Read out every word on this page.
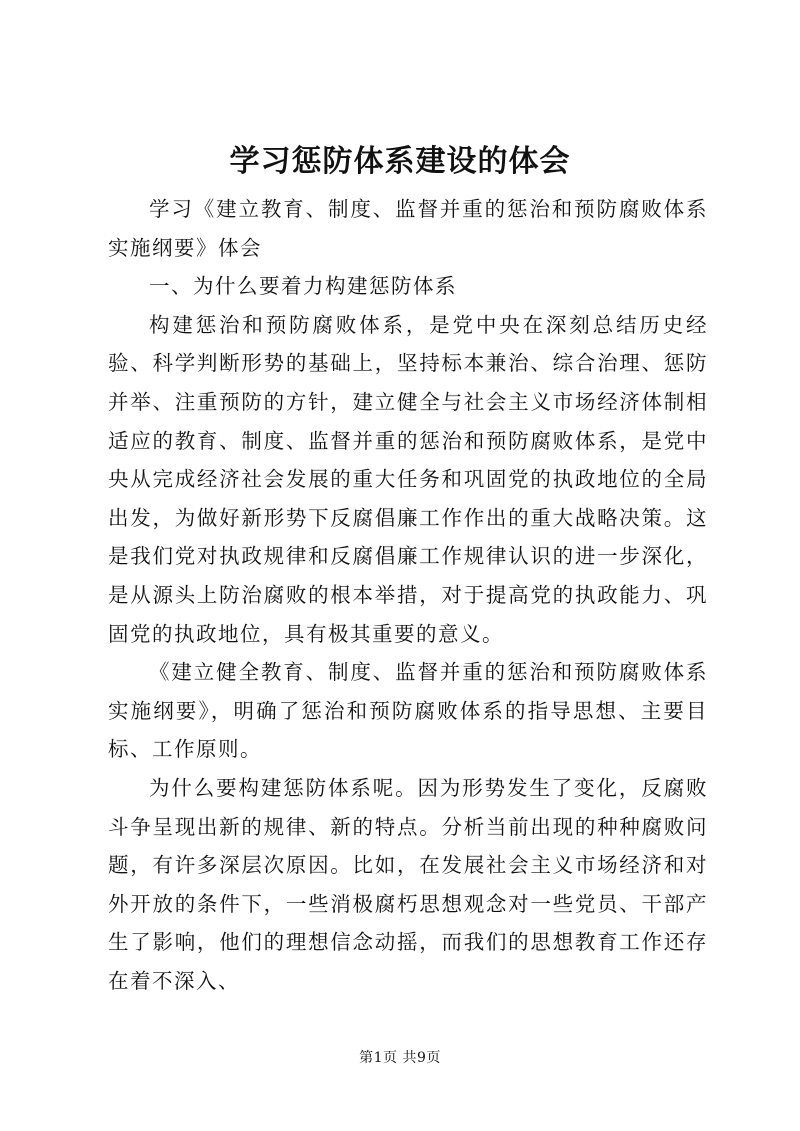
学习惩防体系建设的体会

学习《建立教育、制度、监督并重的惩治和预防腐败体系实施纲要》体会

一、为什么要着力构建惩防体系

构建惩治和预防腐败体系，是党中央在深刻总结历史经验、科学判断形势的基础上，坚持标本兼治、综合治理、惩防并举、注重预防的方针，建立健全与社会主义市场经济体制相适应的教育、制度、监督并重的惩治和预防腐败体系，是党中央从完成经济社会发展的重大任务和巩固党的执政地位的全局出发，为做好新形势下反腐倡廉工作作出的重大战略决策。这是我们党对执政规律和反腐倡廉工作规律认识的进一步深化，是从源头上防治腐败的根本举措，对于提高党的执政能力、巩固党的执政地位，具有极其重要的意义。

《建立健全教育、制度、监督并重的惩治和预防腐败体系实施纲要》，明确了惩治和预防腐败体系的指导思想、主要目标、工作原则。

为什么要构建惩防体系呢。因为形势发生了变化，反腐败斗争呈现出新的规律、新的特点。分析当前出现的种种腐败问题，有许多深层次原因。比如，在发展社会主义市场经济和对外开放的条件下，一些消极腐朽思想观念对一些党员、干部产生了影响，他们的理想信念动摇，而我们的思想教育工作还存在着不深入、

第1页 共9页
